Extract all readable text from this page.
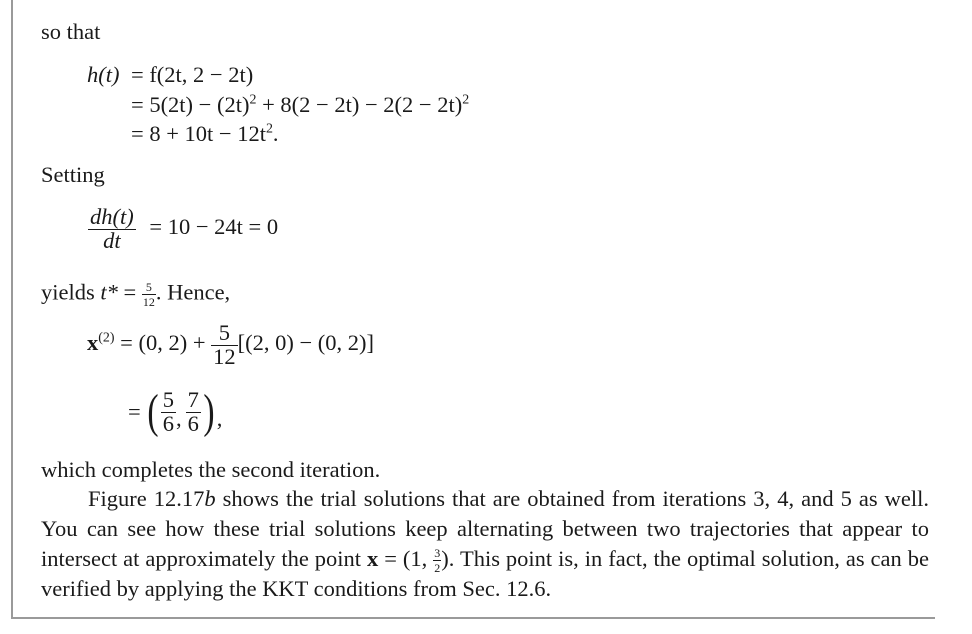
so that
h(t) = f(2t, 2 − 2t)
= $5(2t) - (2t)^2 + 8(2 - 2t) - 2(2 - 2t)^2$
= $8 + 10t - 12t^2$.
Setting
$\frac{dh(t)}{dt} = 10 - 24t = 0$
yields $t* = \frac{5}{12}$ . Hence,
$x^{(2)} = (0$, $2) + \frac{5}{12} [(2$, 0) − (0, 2)]
= ( $\frac{5}{6}$ , $\frac{7}{6}$ ) ,
which completes the second iteration.
Figure 12.17b shows the trial solutions that are obtained from iterations 3, 4, and 5 as well. You can see how these trial solutions keep alternating between two trajectories that appear to intersect at approximately the point x = (1, $\frac{3}{2}$ ). This point is, in fact, the optimal solution, as can be verified by applying the KKT conditions from Sec. 12.6.
